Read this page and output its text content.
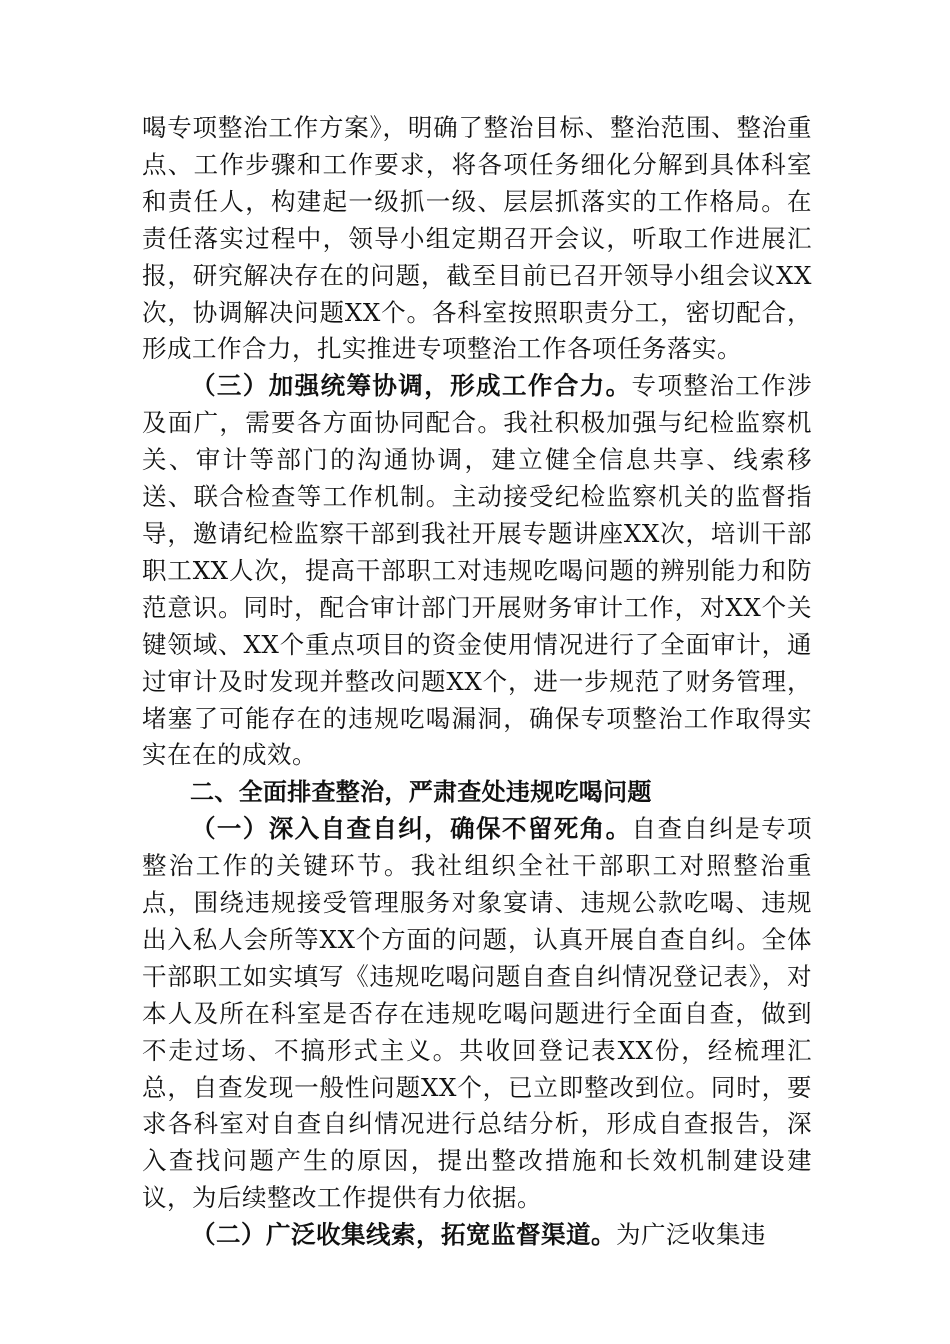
喝专项整治工作方案》，明确了整治目标、整治范围、整治重点、工作步骤和工作要求，将各项任务细化分解到具体科室和责任人，构建起一级抓一级、层层抓落实的工作格局。在责任落实过程中，领导小组定期召开会议，听取工作进展汇报，研究解决存在的问题，截至目前已召开领导小组会议XX次，协调解决问题XX个。各科室按照职责分工，密切配合，形成工作合力，扎实推进专项整治工作各项任务落实。

（三）加强统筹协调，形成工作合力。专项整治工作涉及面广，需要各方面协同配合。我社积极加强与纪检监察机关、审计等部门的沟通协调，建立健全信息共享、线索移送、联合检查等工作机制。主动接受纪检监察机关的监督指导，邀请纪检监察干部到我社开展专题讲座XX次，培训干部职工XX人次，提高干部职工对违规吃喝问题的辨别能力和防范意识。同时，配合审计部门开展财务审计工作，对XX个关键领域、XX个重点项目的资金使用情况进行了全面审计，通过审计及时发现并整改问题XX个，进一步规范了财务管理，堵塞了可能存在的违规吃喝漏洞，确保专项整治工作取得实实在在的成效。

二、全面排查整治，严肃查处违规吃喝问题

（一）深入自查自纠，确保不留死角。自查自纠是专项整治工作的关键环节。我社组织全社干部职工对照整治重点，围绕违规接受管理服务对象宴请、违规公款吃喝、违规出入私人会所等XX个方面的问题，认真开展自查自纠。全体干部职工如实填写《违规吃喝问题自查自纠情况登记表》，对本人及所在科室是否存在违规吃喝问题进行全面自查，做到不走过场、不搞形式主义。共收回登记表XX份，经梳理汇总，自查发现一般性问题XX个，已立即整改到位。同时，要求各科室对自查自纠情况进行总结分析，形成自查报告，深入查找问题产生的原因，提出整改措施和长效机制建设建议，为后续整改工作提供有力依据。

（二）广泛收集线索，拓宽监督渠道。为广泛收集违
